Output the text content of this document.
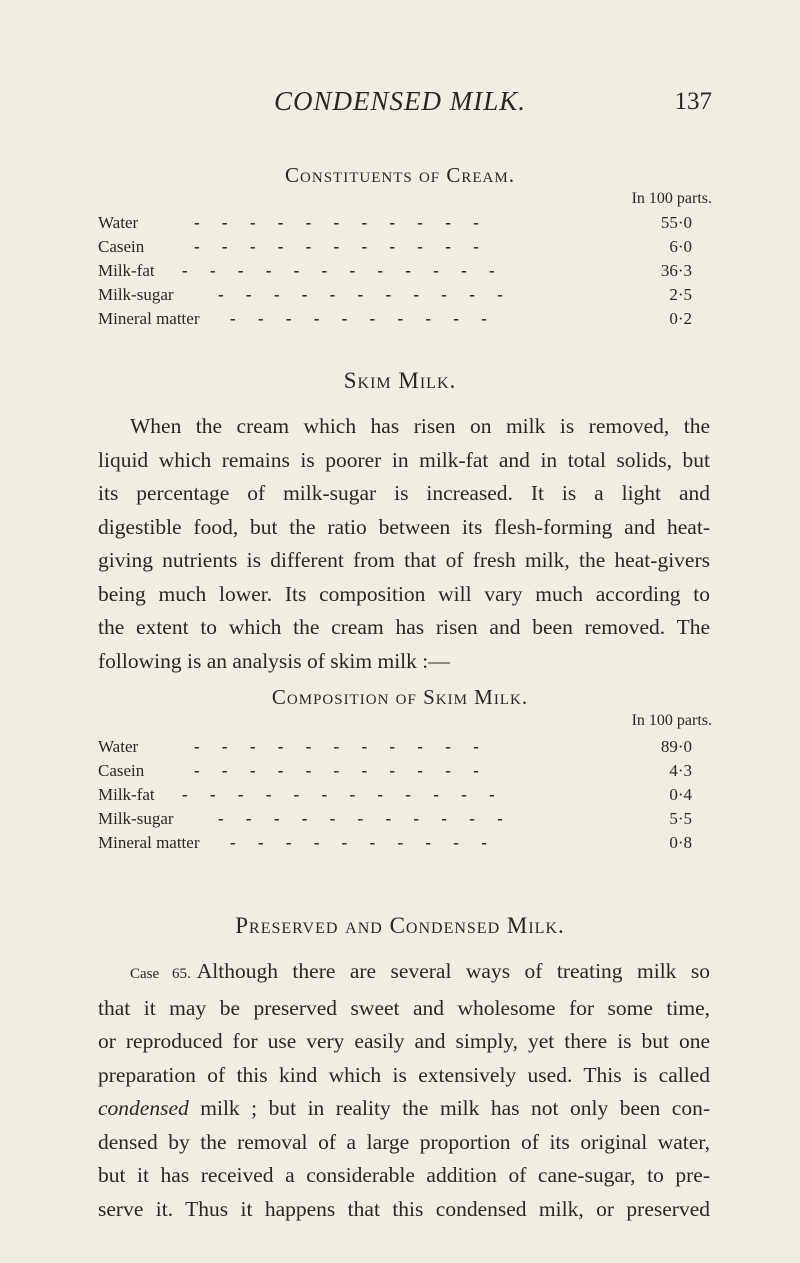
CONDENSED MILK.	137
Constituents of Cream.
In 100 parts.
Water	- - - - - - - - - - -	55·0
Casein	- - - - - - - - - - -	6·0
Milk-fat - - - - - - - - - - - -	36·3
Milk-sugar	- - - - - - - - - - -	2·5
Mineral matter - - - - - - - - - -	0·2
Skim Milk.
When the cream which has risen on milk is removed, the
liquid which remains is poorer in milk-fat and in total solids, but
its percentage of milk-sugar is increased. It is a light and
digestible food, but the ratio between its flesh-forming and heat-
giving nutrients is different from that of fresh milk, the heat-givers
being much lower. Its composition will vary much according to
the extent to which the cream has risen and been removed. The
following is an analysis of skim milk :—
Composition of Skim Milk.
In 100 parts.
Water	- - - - - - - - - - -	89·0
Casein	- - - - - - - - - - -	4·3
Milk-fat - - - - - - - - - - - -	0·4
Milk-sugar	- - - - - - - - - - -	5·5
Mineral matter - - - - - - - - - -	0·8
Preserved and Condensed Milk.
Case 65. Although there are several ways of treating milk so
that it may be preserved sweet and wholesome for some time,
or reproduced for use very easily and simply, yet there is but one
preparation of this kind which is extensively used. This is called
condensed milk ; but in reality the milk has not only been con-
densed by the removal of a large proportion of its original water,
but it has received a considerable addition of cane-sugar, to pre-
serve it. Thus it happens that this condensed milk, or preserved
